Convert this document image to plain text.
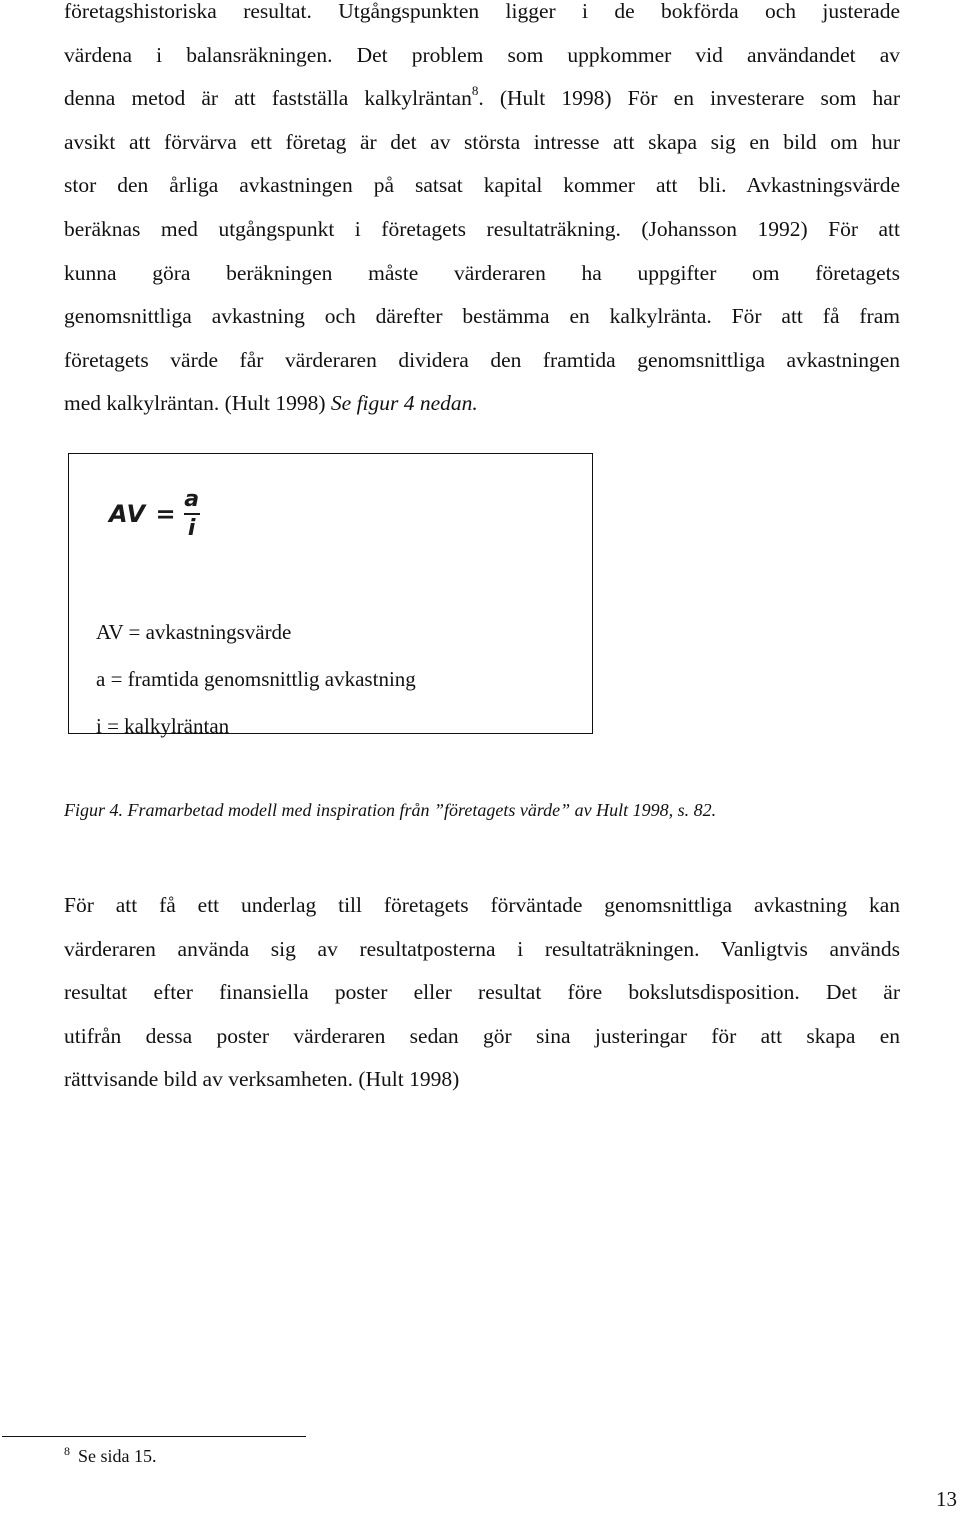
företagshistoriska resultat. Utgångspunkten ligger i de bokförda och justerade
värdena i balansräkningen. Det problem som uppkommer vid användandet av
denna metod är att fastställa kalkylräntan$^8$. (Hult 1998) För en investerare som har
avsikt att förvärva ett företag är det av största intresse att skapa sig en bild om hur
stor den årliga avkastningen på satsat kapital kommer att bli. Avkastningsvärde
beräknas med utgångspunkt i företagets resultaträkning. (Johansson 1992) För att
kunna göra beräkningen måste värderaren ha uppgifter om företagets
genomsnittliga avkastning och därefter bestämma en kalkylränta. För att få fram
företagets värde får värderaren dividera den framtida genomsnittliga avkastningen
med kalkylräntan. (Hult 1998) Se figur 4 nedan.
AV = $\frac{a}{i}$
AV = avkastningsvärde
a = framtida genomsnittlig avkastning
i = kalkylräntan
Figur 4. Framarbetad modell med inspiration från ”företagets värde” av Hult 1998, s. 82.
För att få ett underlag till företagets förväntade genomsnittliga avkastning kan
värderaren använda sig av resultatposterna i resultaträkningen. Vanligtvis används
resultat efter finansiella poster eller resultat före bokslutsdisposition. Det är
utifrån dessa poster värderaren sedan gör sina justeringar för att skapa en
rättvisande bild av verksamheten. (Hult 1998)
$^8$ Se sida 15.
13
